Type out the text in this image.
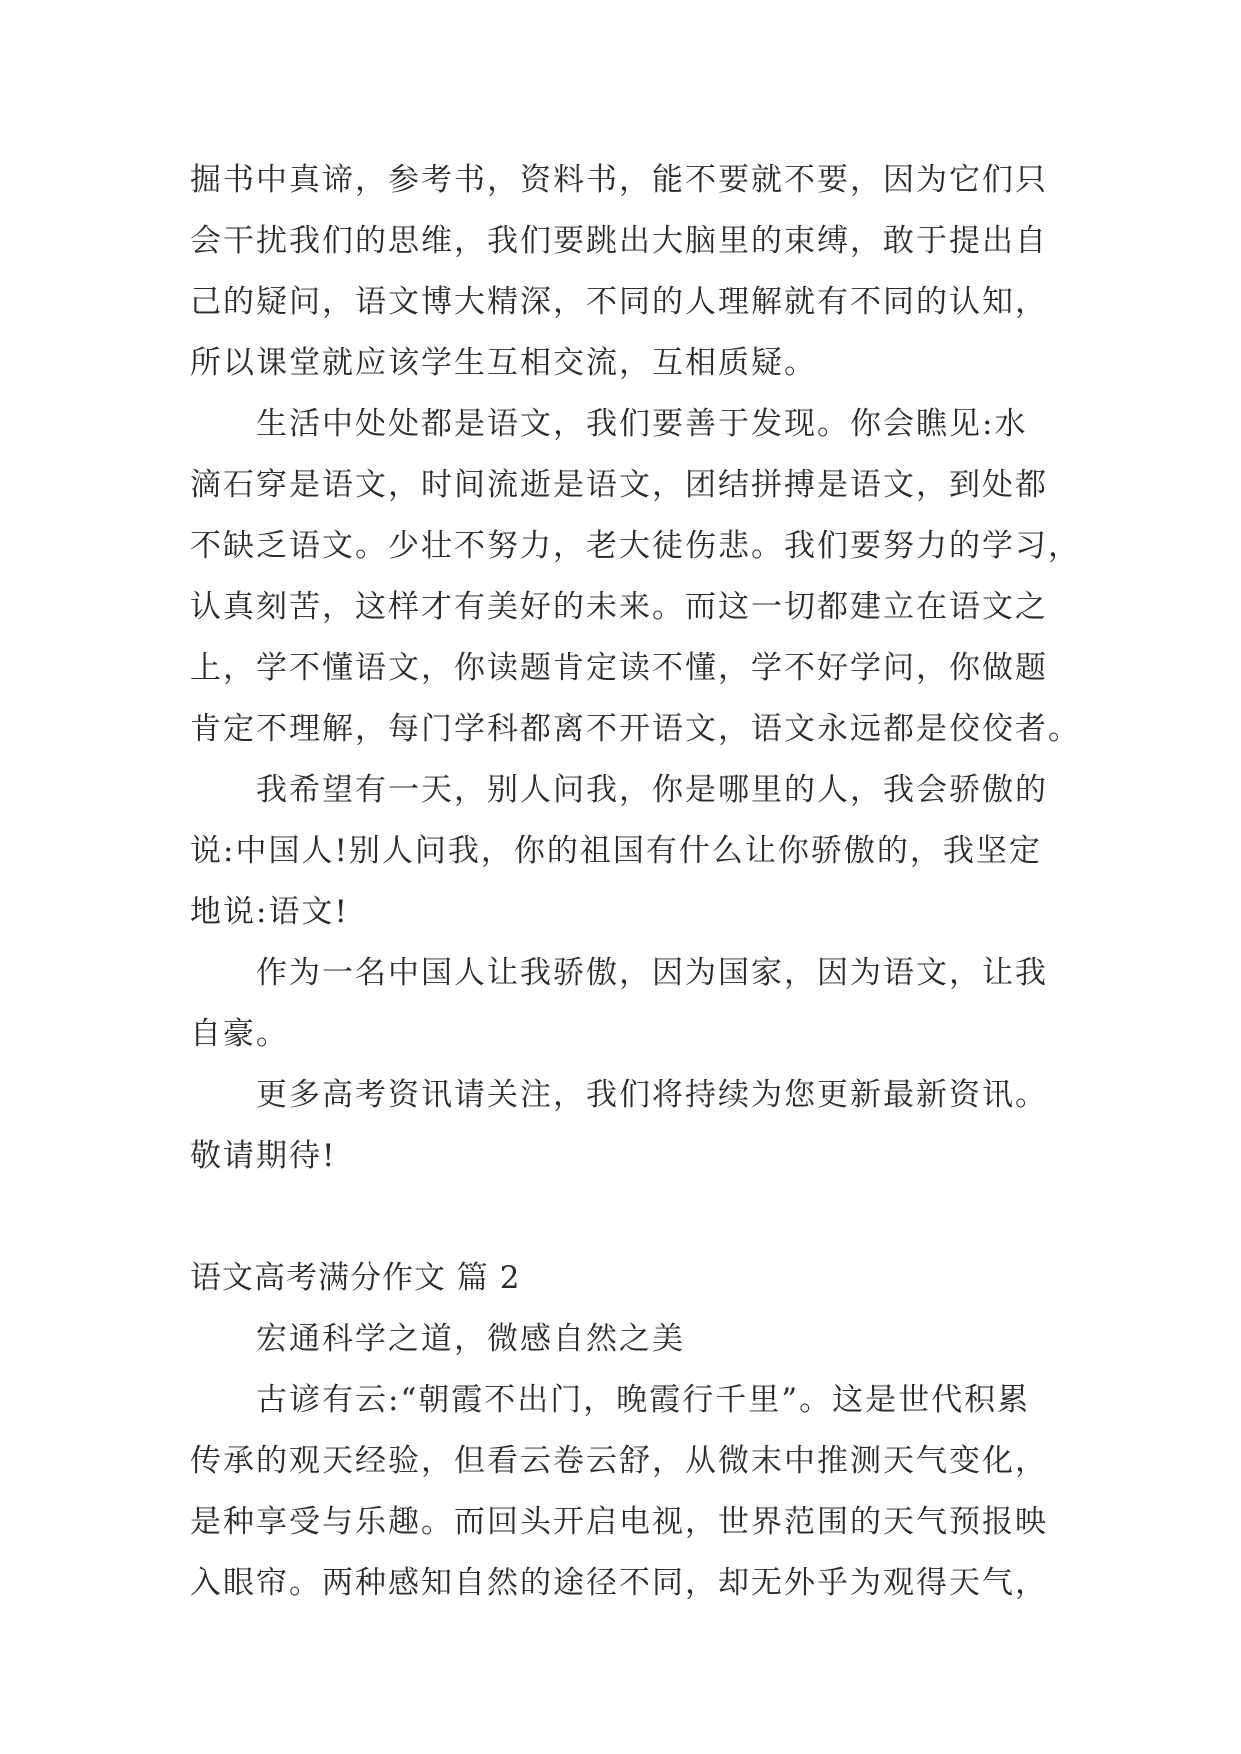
掘书中真谛，参考书，资料书，能不要就不要，因为它们只
会干扰我们的思维，我们要跳出大脑里的束缚，敢于提出自
己的疑问，语文博大精深，不同的人理解就有不同的认知，
所以课堂就应该学生互相交流，互相质疑。
生活中处处都是语文，我们要善于发现。你会瞧见:水
滴石穿是语文，时间流逝是语文，团结拼搏是语文，到处都
不缺乏语文。少壮不努力，老大徒伤悲。我们要努力的学习，
认真刻苦，这样才有美好的未来。而这一切都建立在语文之
上，学不懂语文，你读题肯定读不懂，学不好学问，你做题
肯定不理解，每门学科都离不开语文，语文永远都是佼佼者。
我希望有一天，别人问我，你是哪里的人，我会骄傲的
说:中国人!别人问我，你的祖国有什么让你骄傲的，我坚定
地说:语文!
作为一名中国人让我骄傲，因为国家，因为语文，让我
自豪。
更多高考资讯请关注，我们将持续为您更新最新资讯。
敬请期待!
语文高考满分作文 篇 2
宏通科学之道，微感自然之美
古谚有云:“朝霞不出门，晚霞行千里”。这是世代积累
传承的观天经验，但看云卷云舒，从微末中推测天气变化，
是种享受与乐趣。而回头开启电视，世界范围的天气预报映
入眼帘。两种感知自然的途径不同，却无外乎为观得天气，
